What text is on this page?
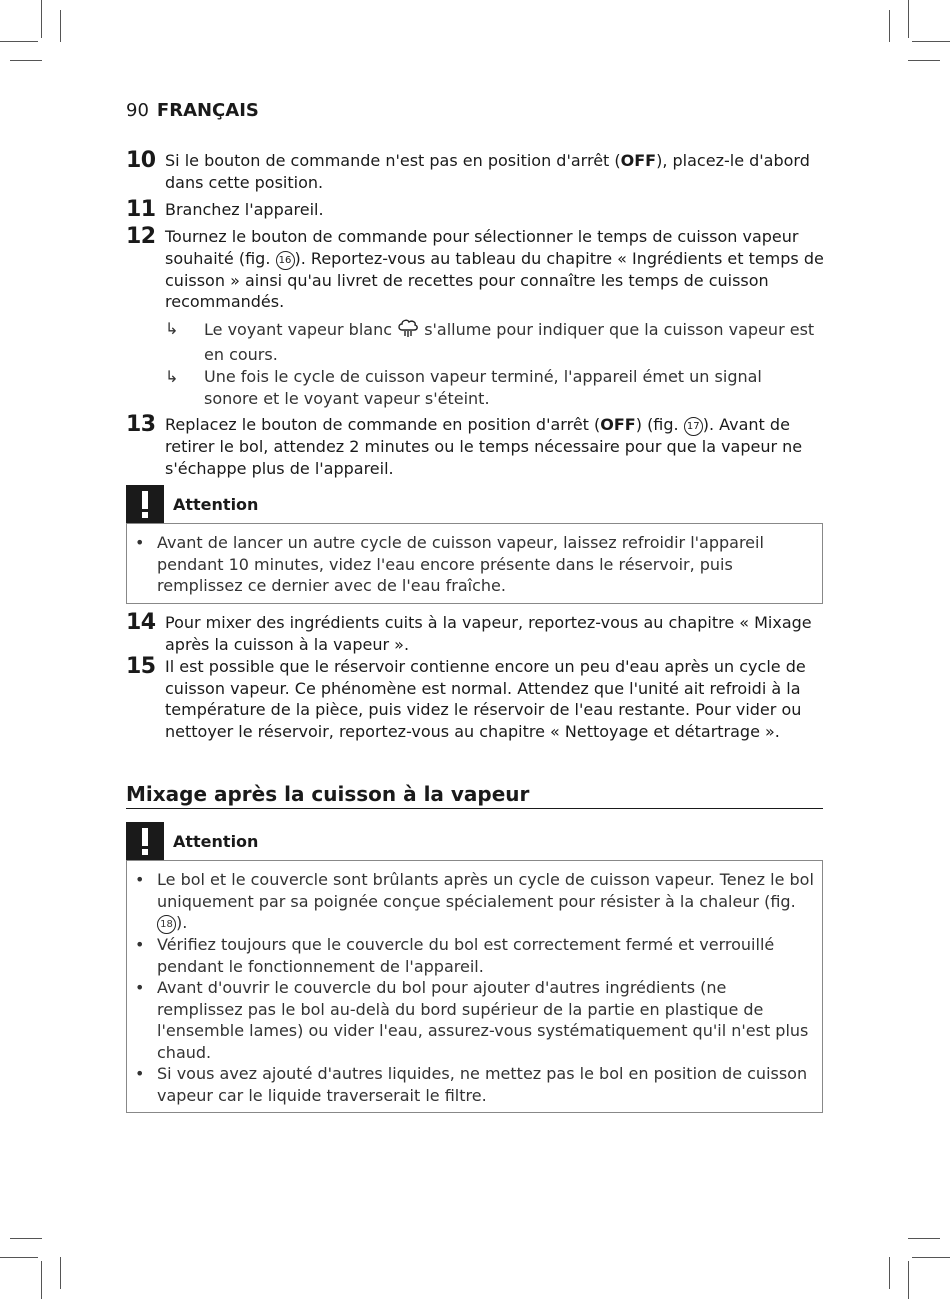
90 FRANÇAIS
10 Si le bouton de commande n'est pas en position d'arrêt (OFF), placez-le d'abord dans cette position.
11 Branchez l'appareil.
12 Tournez le bouton de commande pour sélectionner le temps de cuisson vapeur souhaité (fig. 16 ). Reportez-vous au tableau du chapitre « Ingrédients et temps de cuisson » ainsi qu'au livret de recettes pour connaître les temps de cuisson recommandés.
↳ Le voyant vapeur blanc  s'allume pour indiquer que la cuisson vapeur est en cours.
↳ Une fois le cycle de cuisson vapeur terminé, l'appareil émet un signal sonore et le voyant vapeur s'éteint.
13 Replacez le bouton de commande en position d'arrêt (OFF) (fig. 17 ). Avant de retirer le bol, attendez 2 minutes ou le temps nécessaire pour que la vapeur ne s'échappe plus de l'appareil.
Attention
• Avant de lancer un autre cycle de cuisson vapeur, laissez refroidir l'appareil pendant 10 minutes, videz l'eau encore présente dans le réservoir, puis remplissez ce dernier avec de l'eau fraîche.
14 Pour mixer des ingrédients cuits à la vapeur, reportez-vous au chapitre « Mixage après la cuisson à la vapeur ».
15 Il est possible que le réservoir contienne encore un peu d'eau après un cycle de cuisson vapeur. Ce phénomène est normal. Attendez que l'unité ait refroidi à la température de la pièce, puis videz le réservoir de l'eau restante. Pour vider ou nettoyer le réservoir, reportez-vous au chapitre « Nettoyage et détartrage ».
Mixage après la cuisson à la vapeur
Attention
• Le bol et le couvercle sont brûlants après un cycle de cuisson vapeur. Tenez le bol uniquement par sa poignée conçue spécialement pour résister à la chaleur (fig. 18 ).
• Vérifiez toujours que le couvercle du bol est correctement fermé et verrouillé pendant le fonctionnement de l'appareil.
• Avant d'ouvrir le couvercle du bol pour ajouter d'autres ingrédients (ne remplissez pas le bol au-delà du bord supérieur de la partie en plastique de l'ensemble lames) ou vider l'eau, assurez-vous systématiquement qu'il n'est plus chaud.
• Si vous avez ajouté d'autres liquides, ne mettez pas le bol en position de cuisson vapeur car le liquide traverserait le filtre.
